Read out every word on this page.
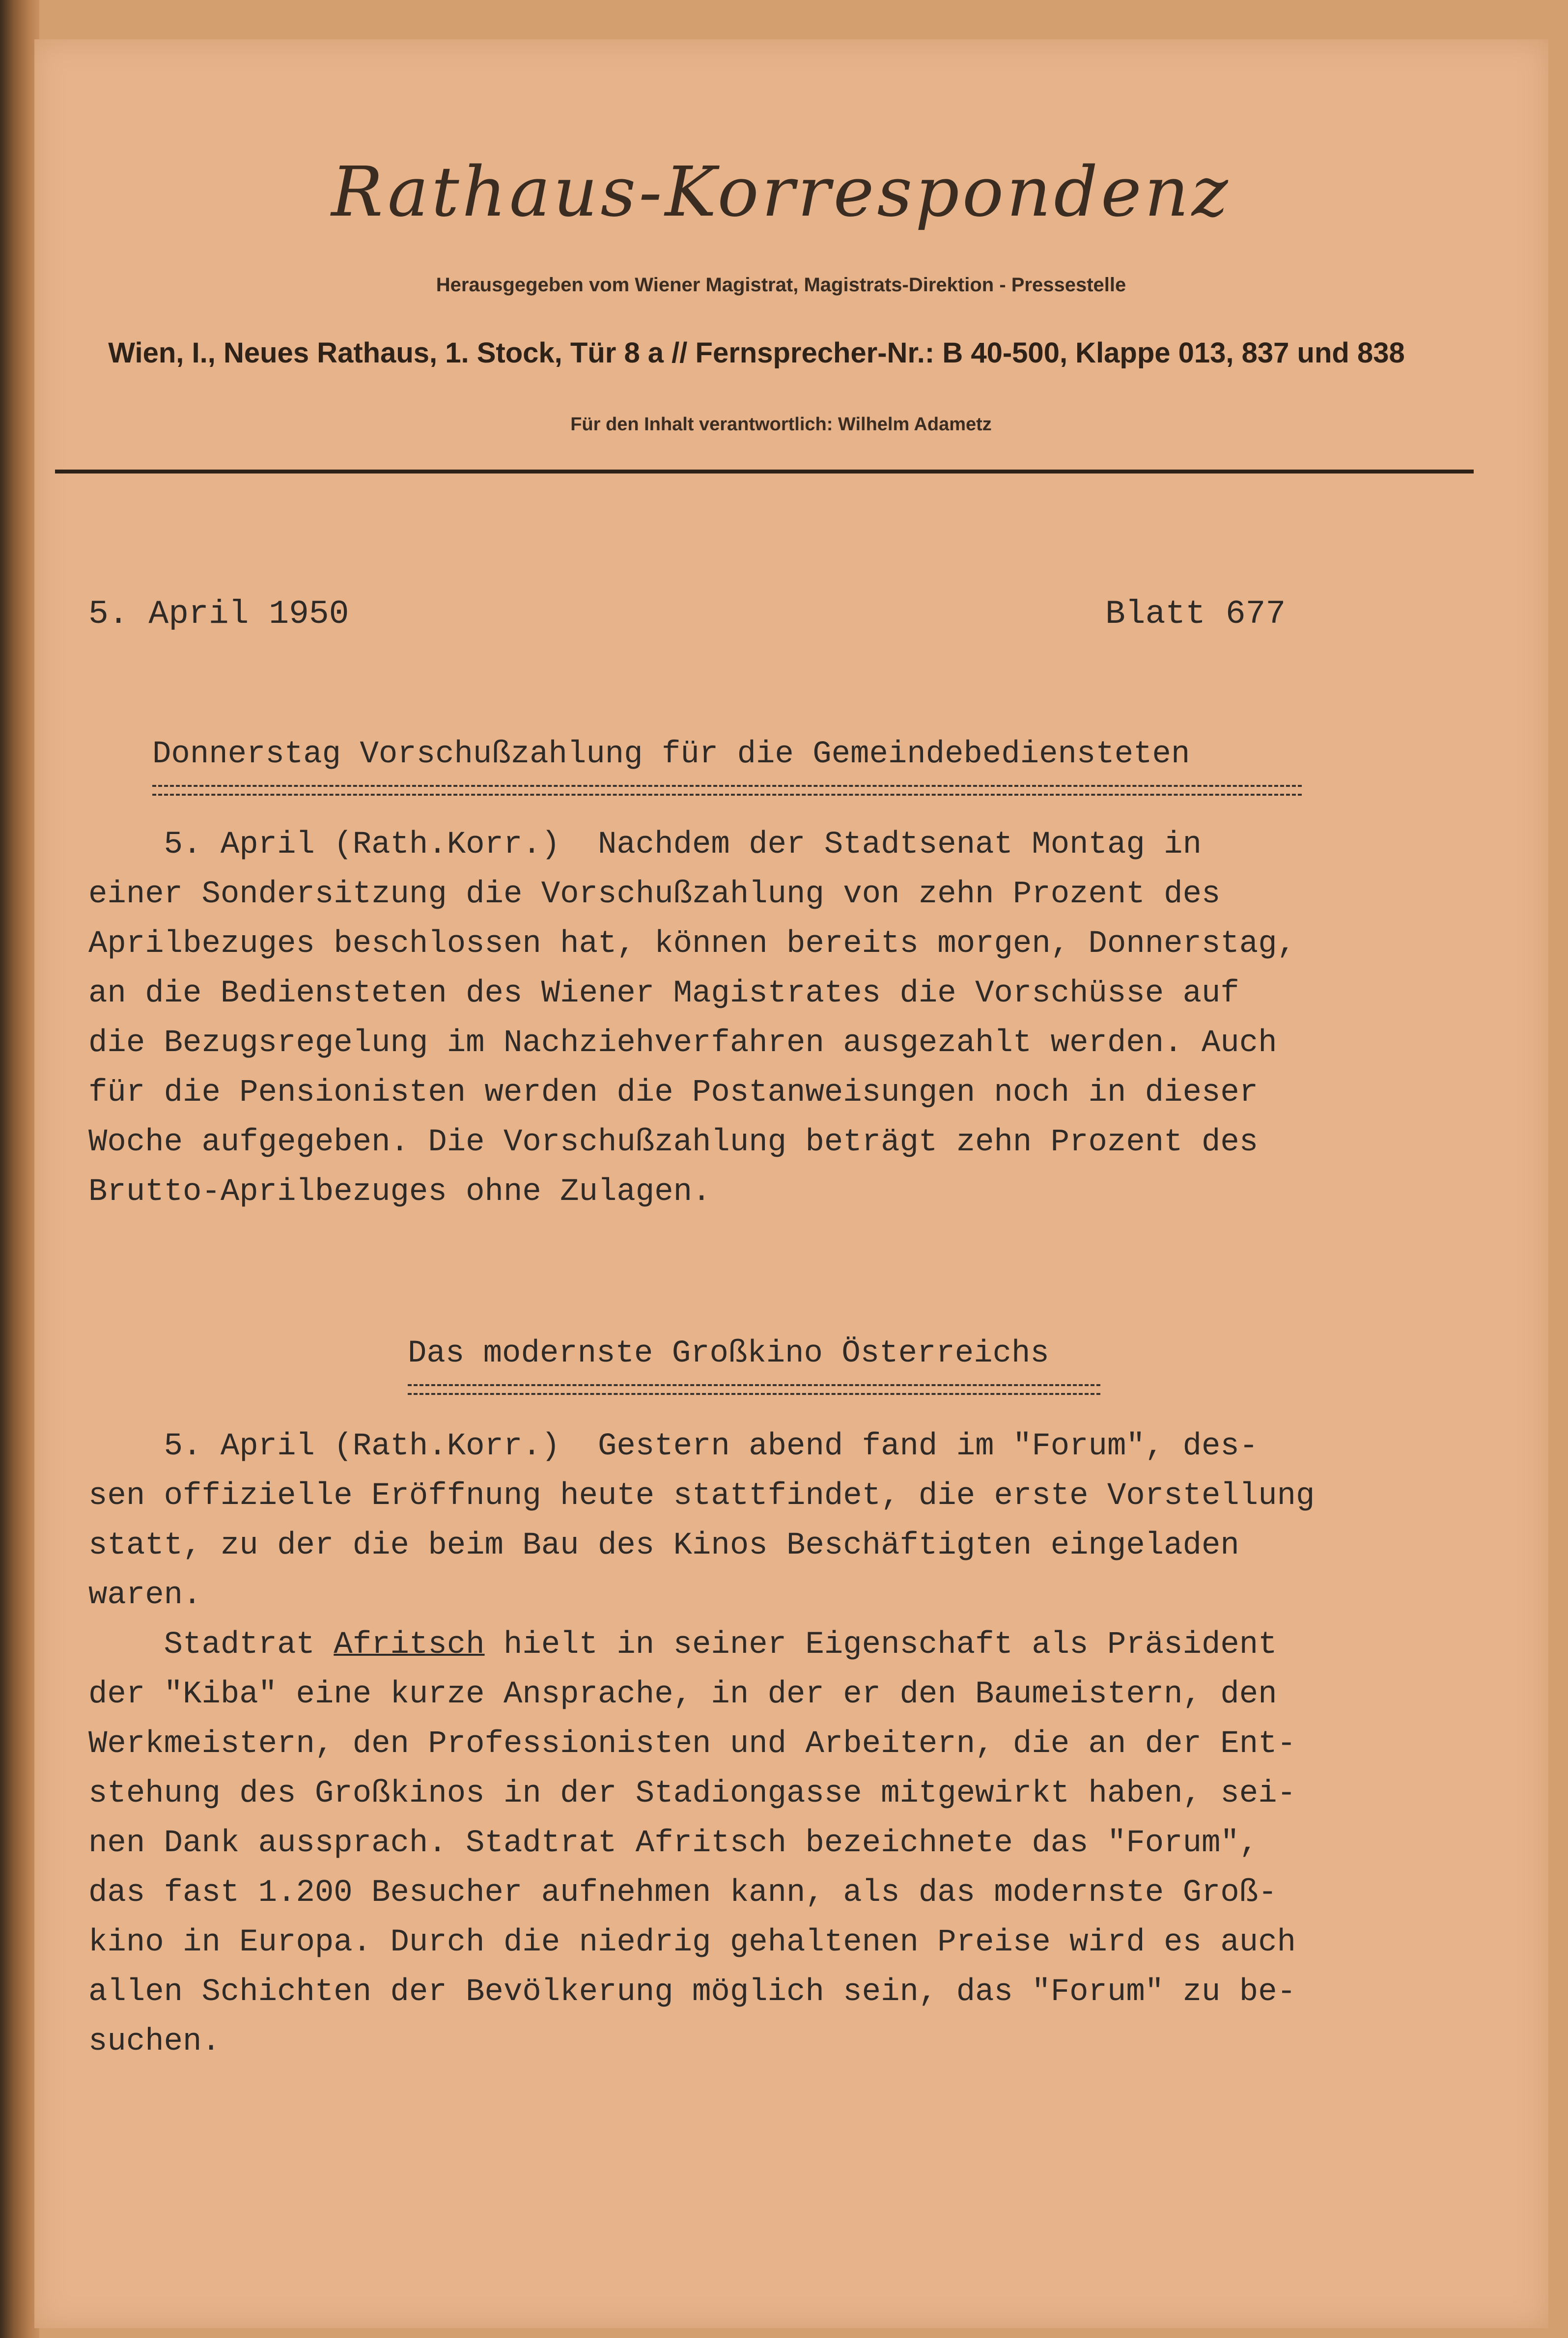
Rathaus-Korrespondenz
Herausgegeben vom Wiener Magistrat, Magistrats-Direktion - Pressestelle
Wien, I., Neues Rathaus, 1. Stock, Tür 8 a // Fernsprecher-Nr.: B 40-500, Klappe 013, 837 und 838
Für den Inhalt verantwortlich: Wilhelm Adametz
5. April 1950	Blatt 677
Donnerstag Vorschußzahlung für die Gemeindebediensteten
5. April (Rath.Korr.)  Nachdem der Stadtsenat Montag in
einer Sondersitzung die Vorschußzahlung von zehn Prozent des
Aprilbezuges beschlossen hat, können bereits morgen, Donnerstag,
an die Bediensteten des Wiener Magistrates die Vorschüsse auf
die Bezugsregelung im Nachziehverfahren ausgezahlt werden. Auch
für die Pensionisten werden die Postanweisungen noch in dieser
Woche aufgegeben. Die Vorschußzahlung beträgt zehn Prozent des
Brutto-Aprilbezuges ohne Zulagen.
Das modernste Großkino Österreichs
5. April (Rath.Korr.)  Gestern abend fand im "Forum", des-
sen offizielle Eröffnung heute stattfindet, die erste Vorstellung
statt, zu der die beim Bau des Kinos Beschäftigten eingeladen
waren.
Stadtrat Afritsch hielt in seiner Eigenschaft als Präsident
der "Kiba" eine kurze Ansprache, in der er den Baumeistern, den
Werkmeistern, den Professionisten und Arbeitern, die an der Ent-
stehung des Großkinos in der Stadiongasse mitgewirkt haben, sei-
nen Dank aussprach. Stadtrat Afritsch bezeichnete das "Forum",
das fast 1.200 Besucher aufnehmen kann, als das modernste Groß-
kino in Europa. Durch die niedrig gehaltenen Preise wird es auch
allen Schichten der Bevölkerung möglich sein, das "Forum" zu be-
suchen.
